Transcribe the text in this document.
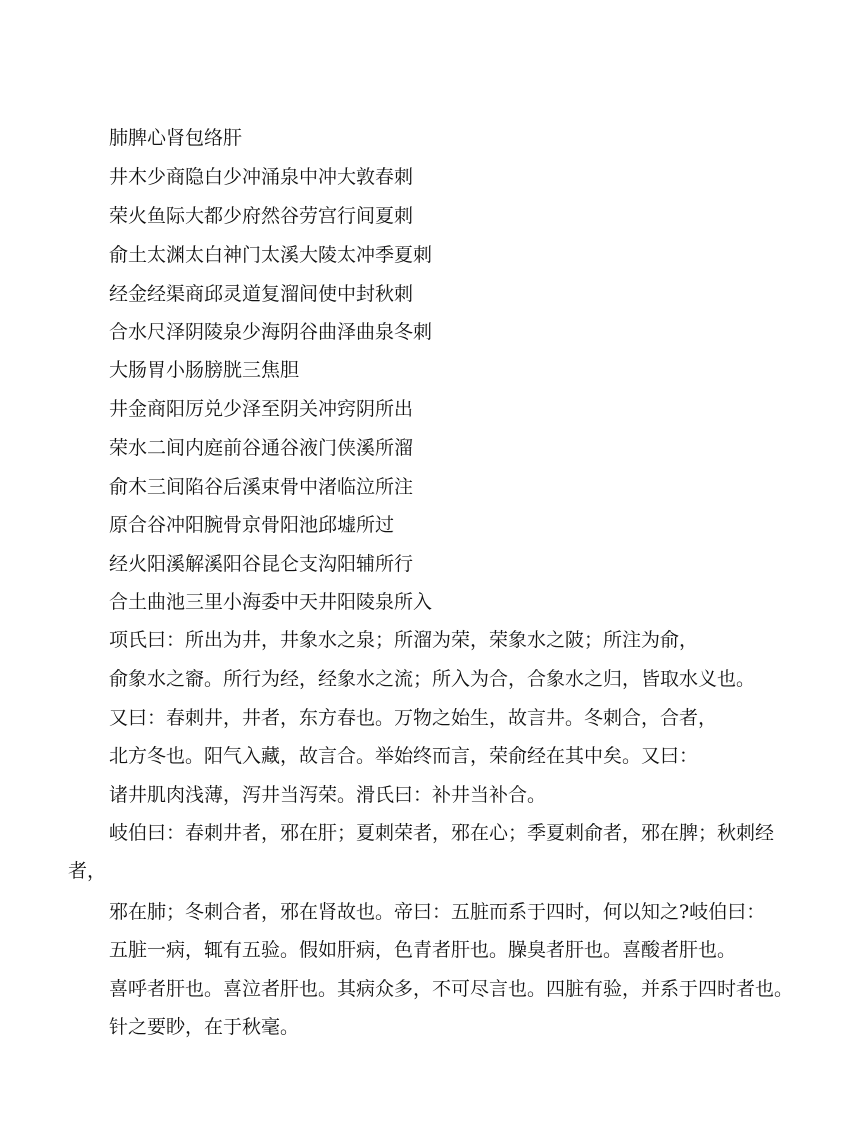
肺脾心肾包络肝
井木少商隐白少冲涌泉中冲大敦春刺
荣火鱼际大都少府然谷劳宫行间夏刺
俞土太渊太白神门太溪大陵太冲季夏刺
经金经渠商邱灵道复溜间使中封秋刺
合水尺泽阴陵泉少海阴谷曲泽曲泉冬刺
大肠胃小肠膀胱三焦胆
井金商阳厉兑少泽至阴关冲窍阴所出
荣水二间内庭前谷通谷液门侠溪所溜
俞木三间陷谷后溪束骨中渚临泣所注
原合谷冲阳腕骨京骨阳池邱墟所过
经火阳溪解溪阳谷昆仑支沟阳辅所行
合土曲池三里小海委中天井阳陵泉所入
项氏曰：所出为井，井象水之泉；所溜为荣，荣象水之陂；所注为俞，
俞象水之窬。所行为经，经象水之流；所入为合，合象水之归，皆取水义也。
又曰：春刺井，井者，东方春也。万物之始生，故言井。冬刺合，合者，
北方冬也。阳气入藏，故言合。举始终而言，荣俞经在其中矣。又曰：
诸井肌肉浅薄，泻井当泻荣。滑氏曰：补井当补合。
岐伯曰：春刺井者，邪在肝；夏刺荣者，邪在心；季夏刺俞者，邪在脾；秋刺经
者，
邪在肺；冬刺合者，邪在肾故也。帝曰：五脏而系于四时，何以知之?岐伯曰：
五脏一病，辄有五验。假如肝病，色青者肝也。臊臭者肝也。喜酸者肝也。
喜呼者肝也。喜泣者肝也。其病众多，不可尽言也。四脏有验，并系于四时者也。
针之要眇，在于秋毫。
